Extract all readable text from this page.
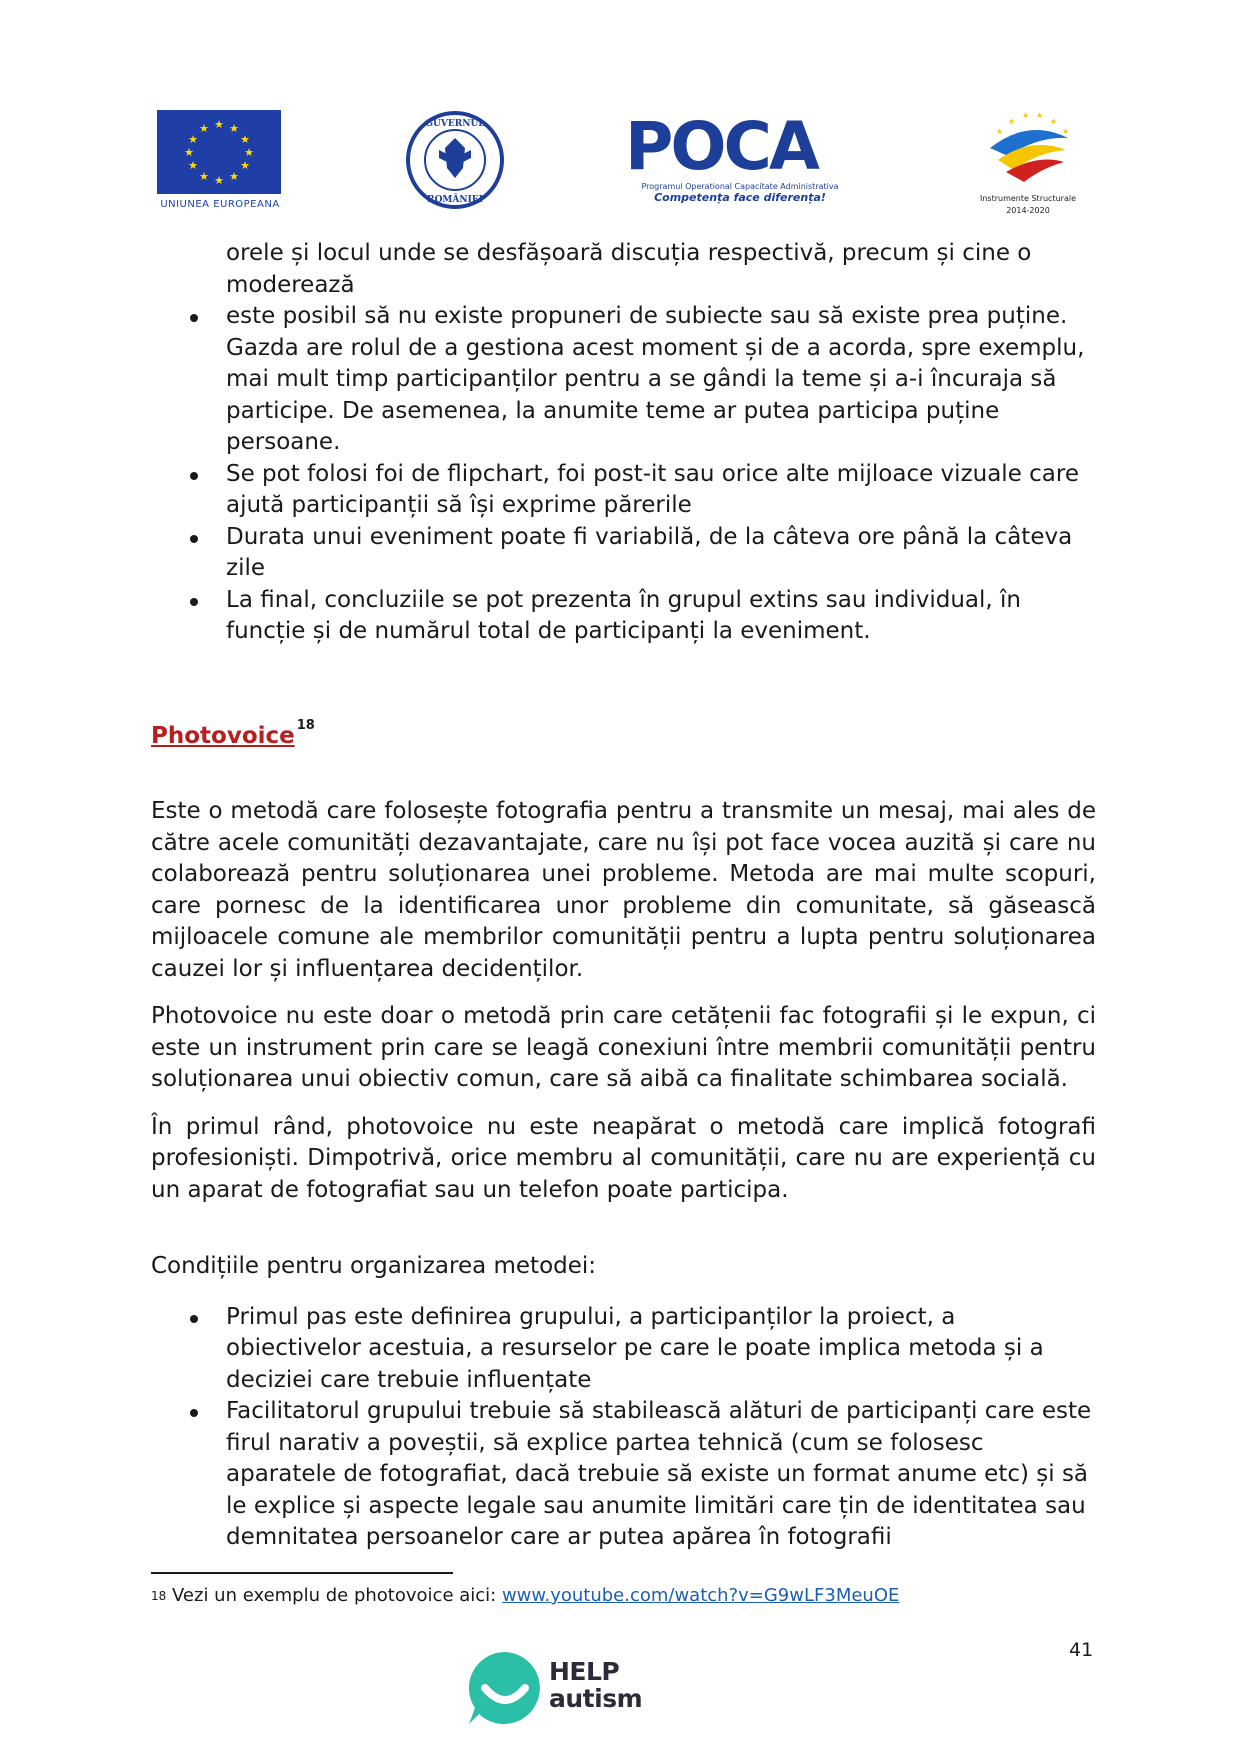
★ ★
★
★
★
★
★
★
★
★
★
★
UNIUNEA EUROPEANA
GUVERNUL
ROMÂNIEI
POCA
Programul Operational Capacitate Administrativa
Competența face diferența!
★
★ ★
★
★
★
Instrumente Structurale
2014-2020
orele și locul unde se desfășoară discuția respectivă, precum și cine o moderează
este posibil să nu existe propuneri de subiecte sau să existe prea puține. Gazda are rolul de a gestiona acest moment și de a acorda, spre exemplu, mai mult timp participanților pentru a se gândi la teme și a-i încuraja să participe. De asemenea, la anumite teme ar putea participa puține persoane.
Se pot folosi foi de flipchart, foi post-it sau orice alte mijloace vizuale care ajută participanții să își exprime părerile
Durata unui eveniment poate fi variabilă, de la câteva ore până la câteva zile
La final, concluziile se pot prezenta în grupul extins sau individual, în funcție și de numărul total de participanți la eveniment.
Photovoice $^{18}$

Este o metodă care folosește fotografia pentru a transmite un mesaj, mai ales de către acele comunități dezavantajate, care nu își pot face vocea auzită și care nu colaborează pentru soluționarea unei probleme. Metoda are mai multe scopuri, care pornesc de la identificarea unor probleme din comunitate, să găsească mijloacele comune ale membrilor comunității pentru a lupta pentru soluționarea cauzei lor și influențarea decidenților.

Photovoice nu este doar o metodă prin care cetățenii fac fotografii și le expun, ci este un instrument prin care se leagă conexiuni între membrii comunității pentru soluționarea unui obiectiv comun, care să aibă ca finalitate schimbarea socială.

În primul rând, photovoice nu este neapărat o metodă care implică fotografi profesioniști. Dimpotrivă, orice membru al comunității, care nu are experiență cu un aparat de fotografiat sau un telefon poate participa.

Condițiile pentru organizarea metodei:
Primul pas este definirea grupului, a participanților la proiect, a obiectivelor acestuia, a resurselor pe care le poate implica metoda și a deciziei care trebuie influențate
Facilitatorul grupului trebuie să stabilească alături de participanți care este firul narativ a poveștii, să explice partea tehnică (cum se folosesc aparatele de fotografiat, dacă trebuie să existe un format anume etc) și să le explice și aspecte legale sau anumite limitări care țin de identitatea sau demnitatea persoanelor care ar putea apărea în fotografii
$^{18}$ Vezi un exemplu de photovoice aici: www.youtube.com/watch?v=G9wLF3MeuOE
41
HELP
autism
